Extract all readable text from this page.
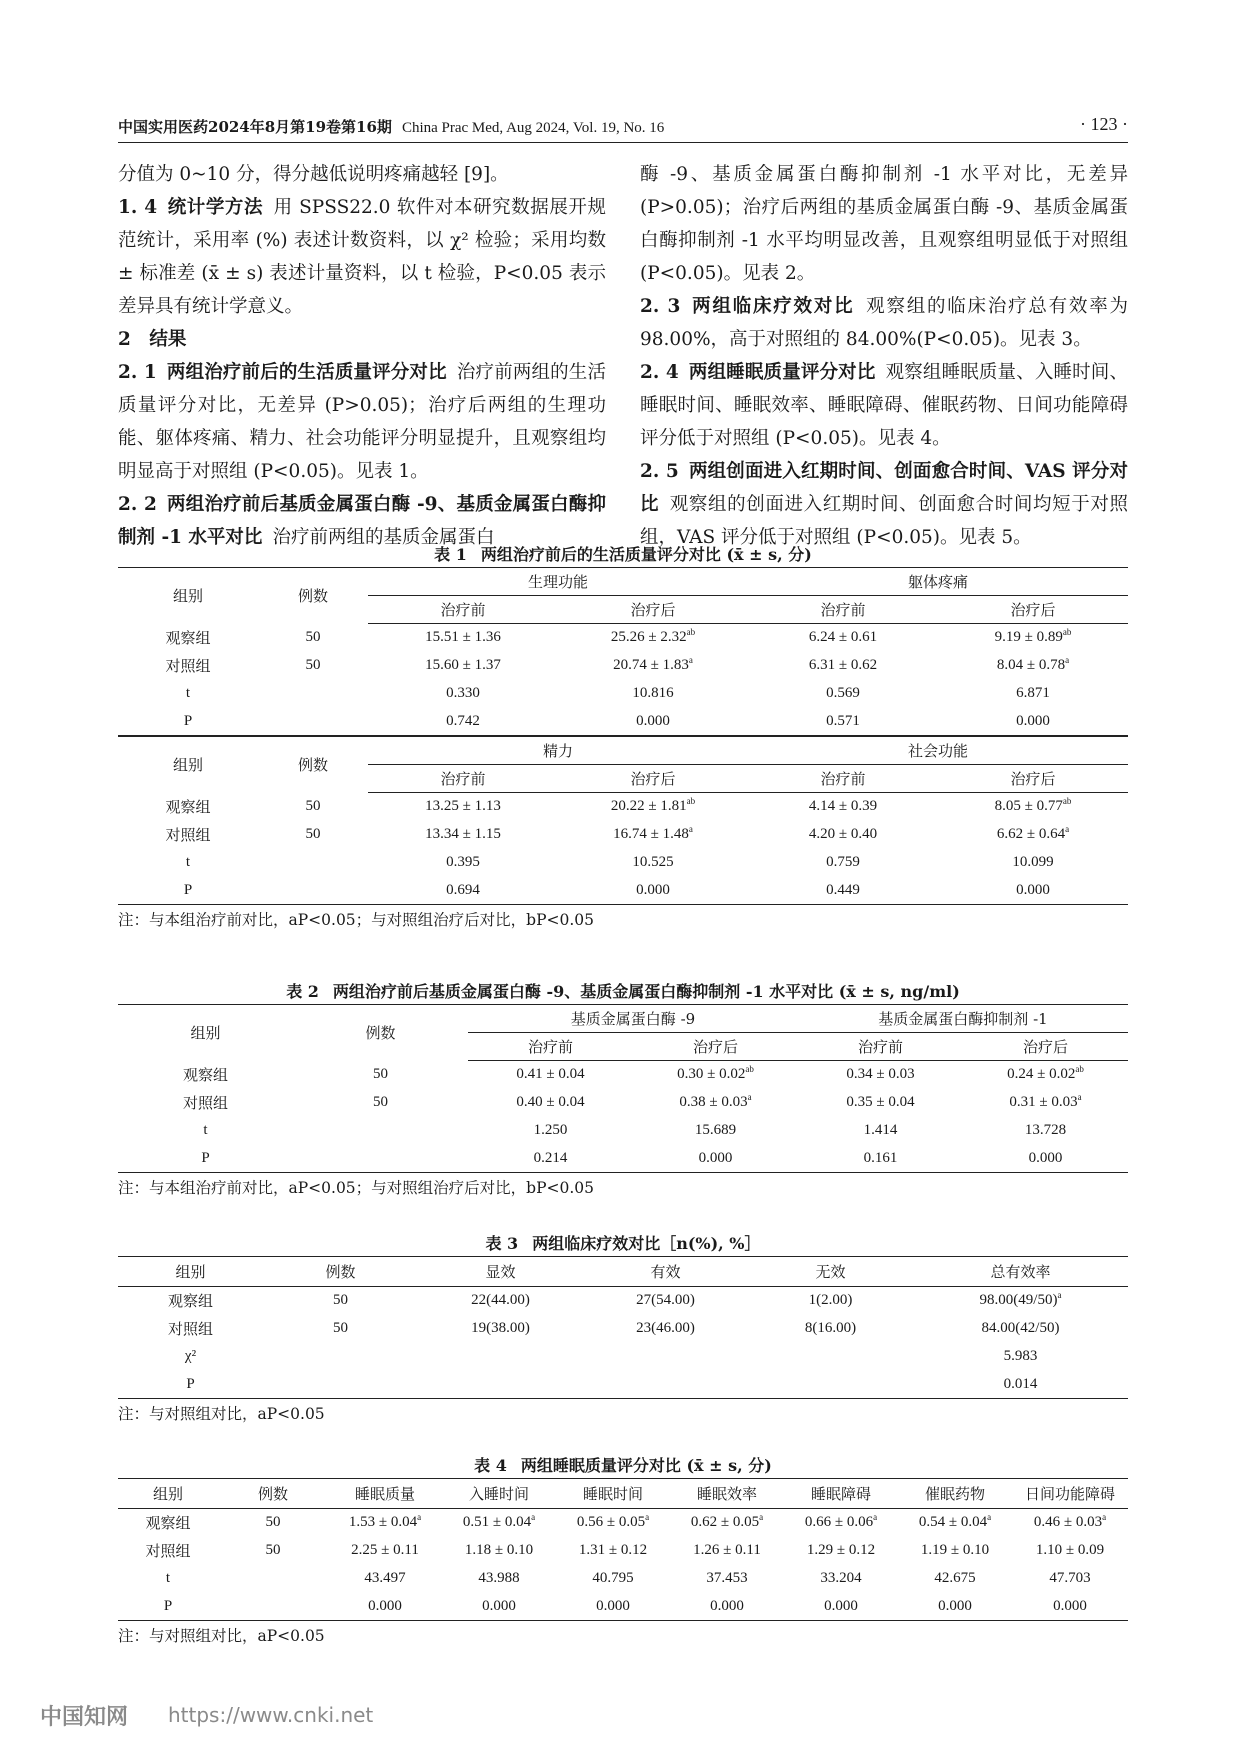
中国实用医药2024年8月第19卷第16期 China Prac Med, Aug 2024, Vol. 19, No. 16	· 123 ·

分值为 0~10 分，得分越低说明疼痛越轻 [9]。

1. 4 统计学方法 用 SPSS22.0 软件对本研究数据展开规范统计，采用率 (%) 表述计数资料，以 χ² 检验；采用均数 ± 标准差 (x̄ ± s) 表述计量资料，以 t 检验，P<0.05 表示差异具有统计学意义。

2　结果

2. 1 两组治疗前后的生活质量评分对比 治疗前两组的生活质量评分对比，无差异 (P>0.05)；治疗后两组的生理功能、躯体疼痛、精力、社会功能评分明显提升，且观察组均明显高于对照组 (P<0.05)。见表 1。

2. 2 两组治疗前后基质金属蛋白酶 -9、基质金属蛋白酶抑制剂 -1 水平对比 治疗前两组的基质金属蛋白

酶 -9、基质金属蛋白酶抑制剂 -1 水平对比，无差异 (P>0.05)；治疗后两组的基质金属蛋白酶 -9、基质金属蛋白酶抑制剂 -1 水平均明显改善，且观察组明显低于对照组 (P<0.05)。见表 2。

2. 3 两组临床疗效对比 观察组的临床治疗总有效率为 98.00%，高于对照组的 84.00%(P<0.05)。见表 3。

2. 4 两组睡眠质量评分对比 观察组睡眠质量、入睡时间、睡眠时间、睡眠效率、睡眠障碍、催眠药物、日间功能障碍评分低于对照组 (P<0.05)。见表 4。

2. 5 两组创面进入红期时间、创面愈合时间、VAS 评分对比 观察组的创面进入红期时间、创面愈合时间均短于对照组，VAS 评分低于对照组 (P<0.05)。见表 5。

表 1 两组治疗前后的生活质量评分对比 (x̄ ± s, 分)
组别	例数	生理功能		躯体疼痛	
		治疗前	治疗后	治疗前	治疗后
观察组	50	15.51 ± 1.36	25.26 ± 2.32$^{ab}$	6.24 ± 0.61	9.19 ± 0.89$^{ab}$
对照组	50	15.60 ± 1.37	20.74 ± 1.83$^a$	6.31 ± 0.62	8.04 ± 0.78$^a$
t		0.330	10.816	0.569	6.871
P		0.742	0.000	0.571	0.000
组别	例数	精力		社会功能	
		治疗前	治疗后	治疗前	治疗后
观察组	50	13.25 ± 1.13	20.22 ± 1.81$^{ab}$	4.14 ± 0.39	8.05 ± 0.77$^{ab}$
对照组	50	13.34 ± 1.15	16.74 ± 1.48$^a$	4.20 ± 0.40	6.62 ± 0.64$^a$
t		0.395	10.525	0.759	10.099
P		0.694	0.000	0.449	0.000
注：与本组治疗前对比，aP<0.05；与对照组治疗后对比，bP<0.05
表 2 两组治疗前后基质金属蛋白酶 -9、基质金属蛋白酶抑制剂 -1 水平对比 (x̄ ± s, ng/ml)
组别	例数	基质金属蛋白酶 -9		基质金属蛋白酶抑制剂 -1	
		治疗前	治疗后	治疗前	治疗后
观察组	50	0.41 ± 0.04	0.30 ± 0.02$^{ab}$	0.34 ± 0.03	0.24 ± 0.02$^{ab}$
对照组	50	0.40 ± 0.04	0.38 ± 0.03$^a$	0.35 ± 0.04	0.31 ± 0.03$^a$
t		1.250	15.689	1.414	13.728
P		0.214	0.000	0.161	0.000
注：与本组治疗前对比，aP<0.05；与对照组治疗后对比，bP<0.05
表 3 两组临床疗效对比［n(%), %］
组别	例数	显效	有效	无效	总有效率
观察组	50	22(44.00)	27(54.00)	1(2.00)	$98.00(49/50)^a$
对照组	50	19(38.00)	23(46.00)	8(16.00)	84.00(42/50)
χ²					5.983
P					0.014
注：与对照组对比，aP<0.05
表 4 两组睡眠质量评分对比 (x̄ ± s, 分)
组别	例数	睡眠质量	入睡时间	睡眠时间	睡眠效率	睡眠障碍	催眠药物	日间功能障碍
观察组	50	1.53 ± 0.04$^a$	0.51 ± 0.04$^a$	0.56 ± 0.05$^a$	0.62 ± 0.05$^a$	0.66 ± 0.06$^a$	0.54 ± 0.04$^a$	0.46 ± 0.03$^a$
对照组	50	2.25 ± 0.11	1.18 ± 0.10	1.31 ± 0.12	1.26 ± 0.11	1.29 ± 0.12	1.19 ± 0.10	1.10 ± 0.09
t		43.497	43.988	40.795	37.453	33.204	42.675	47.703
P		0.000	0.000	0.000	0.000	0.000	0.000	0.000
注：与对照组对比，aP<0.05
中国知网 https://www.cnki.net
